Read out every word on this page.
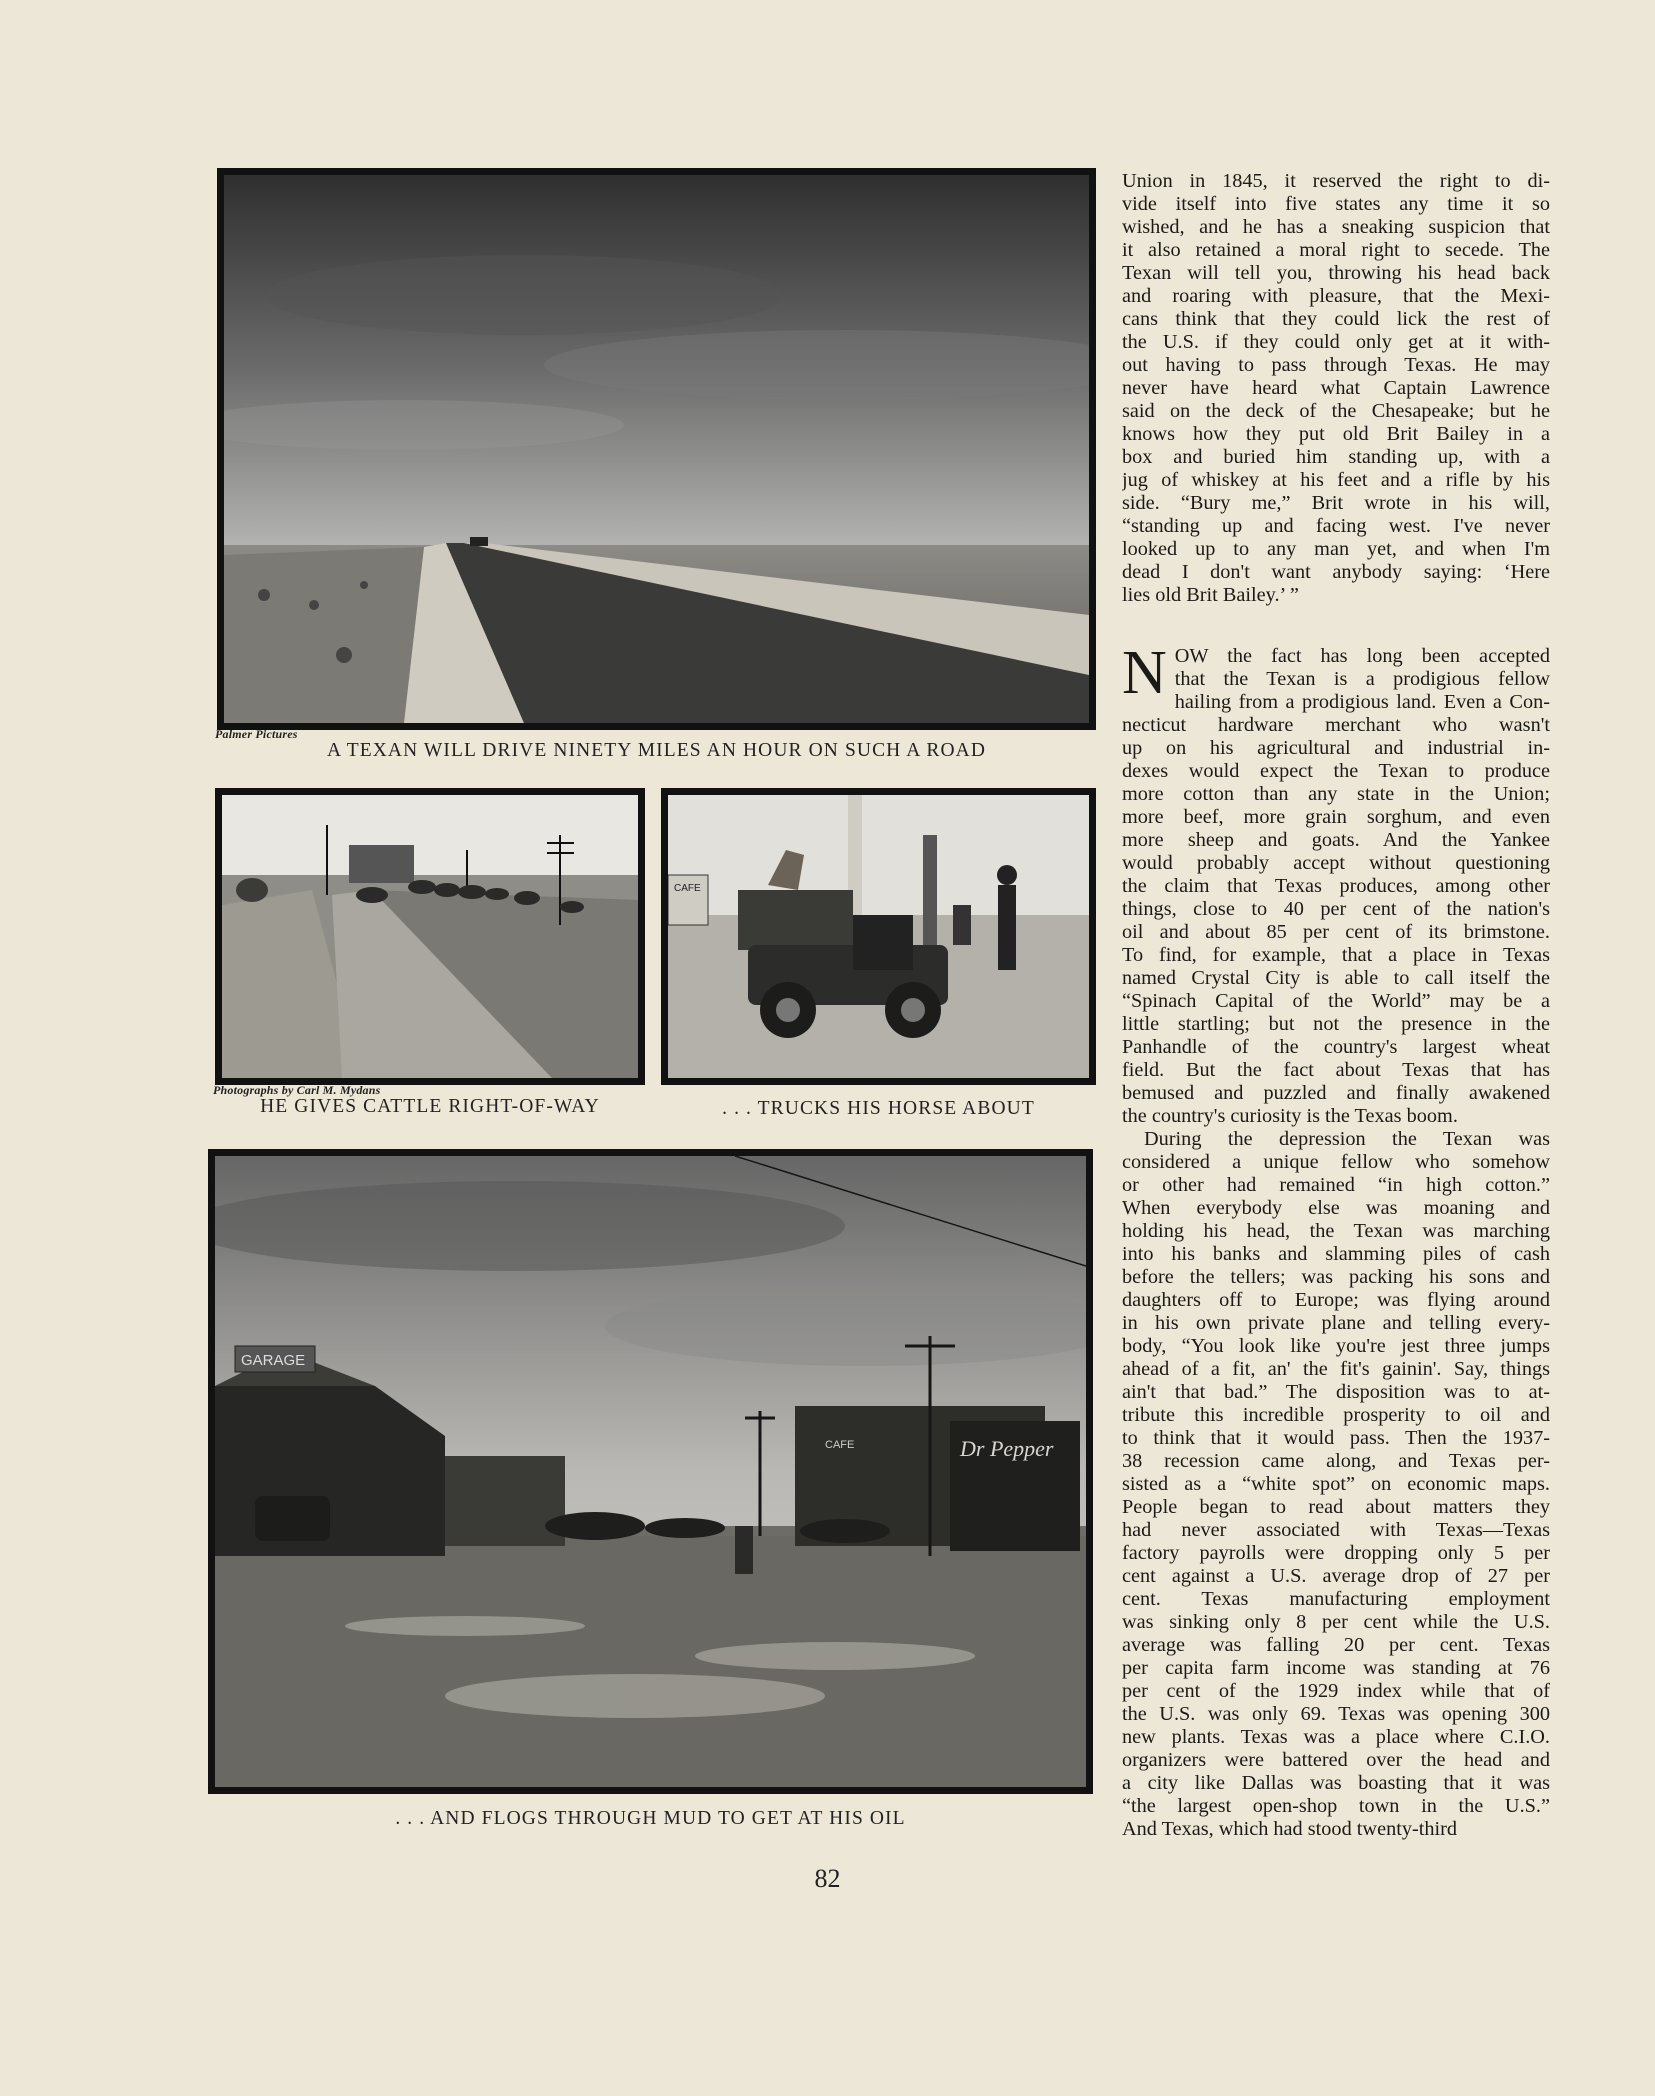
Palmer Pictures
A TEXAN WILL DRIVE NINETY MILES AN HOUR ON SUCH A ROAD
CAFE
Photographs by Carl M. Mydans
HE GIVES CATTLE RIGHT-OF-WAY	. . . TRUCKS HIS HORSE ABOUT
GARAGE
Dr Pepper
CAFE
. . . AND FLOGS THROUGH MUD TO GET AT HIS OIL
Union in 1845, it reserved the right to di-
vide itself into five states any time it so
wished, and he has a sneaking suspicion that
it also retained a moral right to secede. The
Texan will tell you, throwing his head back
and roaring with pleasure, that the Mexi-
cans think that they could lick the rest of
the U.S. if they could only get at it with-
out having to pass through Texas. He may
never have heard what Captain Lawrence
said on the deck of the Chesapeake; but he
knows how they put old Brit Bailey in a
box and buried him standing up, with a
jug of whiskey at his feet and a rifle by his
side. “Bury me,” Brit wrote in his will,
“standing up and facing west. I've never
looked up to any man yet, and when I'm
dead I don't want anybody saying: ‘Here
lies old Brit Bailey.’ ”
N OW the fact has long been accepted
that the Texan is a prodigious fellow
hailing from a prodigious land. Even a Con-
necticut hardware merchant who wasn't
up on his agricultural and industrial in-
dexes would expect the Texan to produce
more cotton than any state in the Union;
more beef, more grain sorghum, and even
more sheep and goats. And the Yankee
would probably accept without questioning
the claim that Texas produces, among other
things, close to 40 per cent of the nation's
oil and about 85 per cent of its brimstone.
To find, for example, that a place in Texas
named Crystal City is able to call itself the
“Spinach Capital of the World” may be a
little startling; but not the presence in the
Panhandle of the country's largest wheat
field. But the fact about Texas that has
bemused and puzzled and finally awakened
the country's curiosity is the Texas boom.
During the depression the Texan was
considered a unique fellow who somehow
or other had remained “in high cotton.”
When everybody else was moaning and
holding his head, the Texan was marching
into his banks and slamming piles of cash
before the tellers; was packing his sons and
daughters off to Europe; was flying around
in his own private plane and telling every-
body, “You look like you're jest three jumps
ahead of a fit, an' the fit's gainin'. Say, things
ain't that bad.” The disposition was to at-
tribute this incredible prosperity to oil and
to think that it would pass. Then the 1937-
38 recession came along, and Texas per-
sisted as a “white spot” on economic maps.
People began to read about matters they
had never associated with Texas—Texas
factory payrolls were dropping only 5 per
cent against a U.S. average drop of 27 per
cent. Texas manufacturing employment
was sinking only 8 per cent while the U.S.
average was falling 20 per cent. Texas
per capita farm income was standing at 76
per cent of the 1929 index while that of
the U.S. was only 69. Texas was opening 300
new plants. Texas was a place where C.I.O.
organizers were battered over the head and
a city like Dallas was boasting that it was
“the largest open-shop town in the U.S.”
And Texas, which had stood twenty-third
82
